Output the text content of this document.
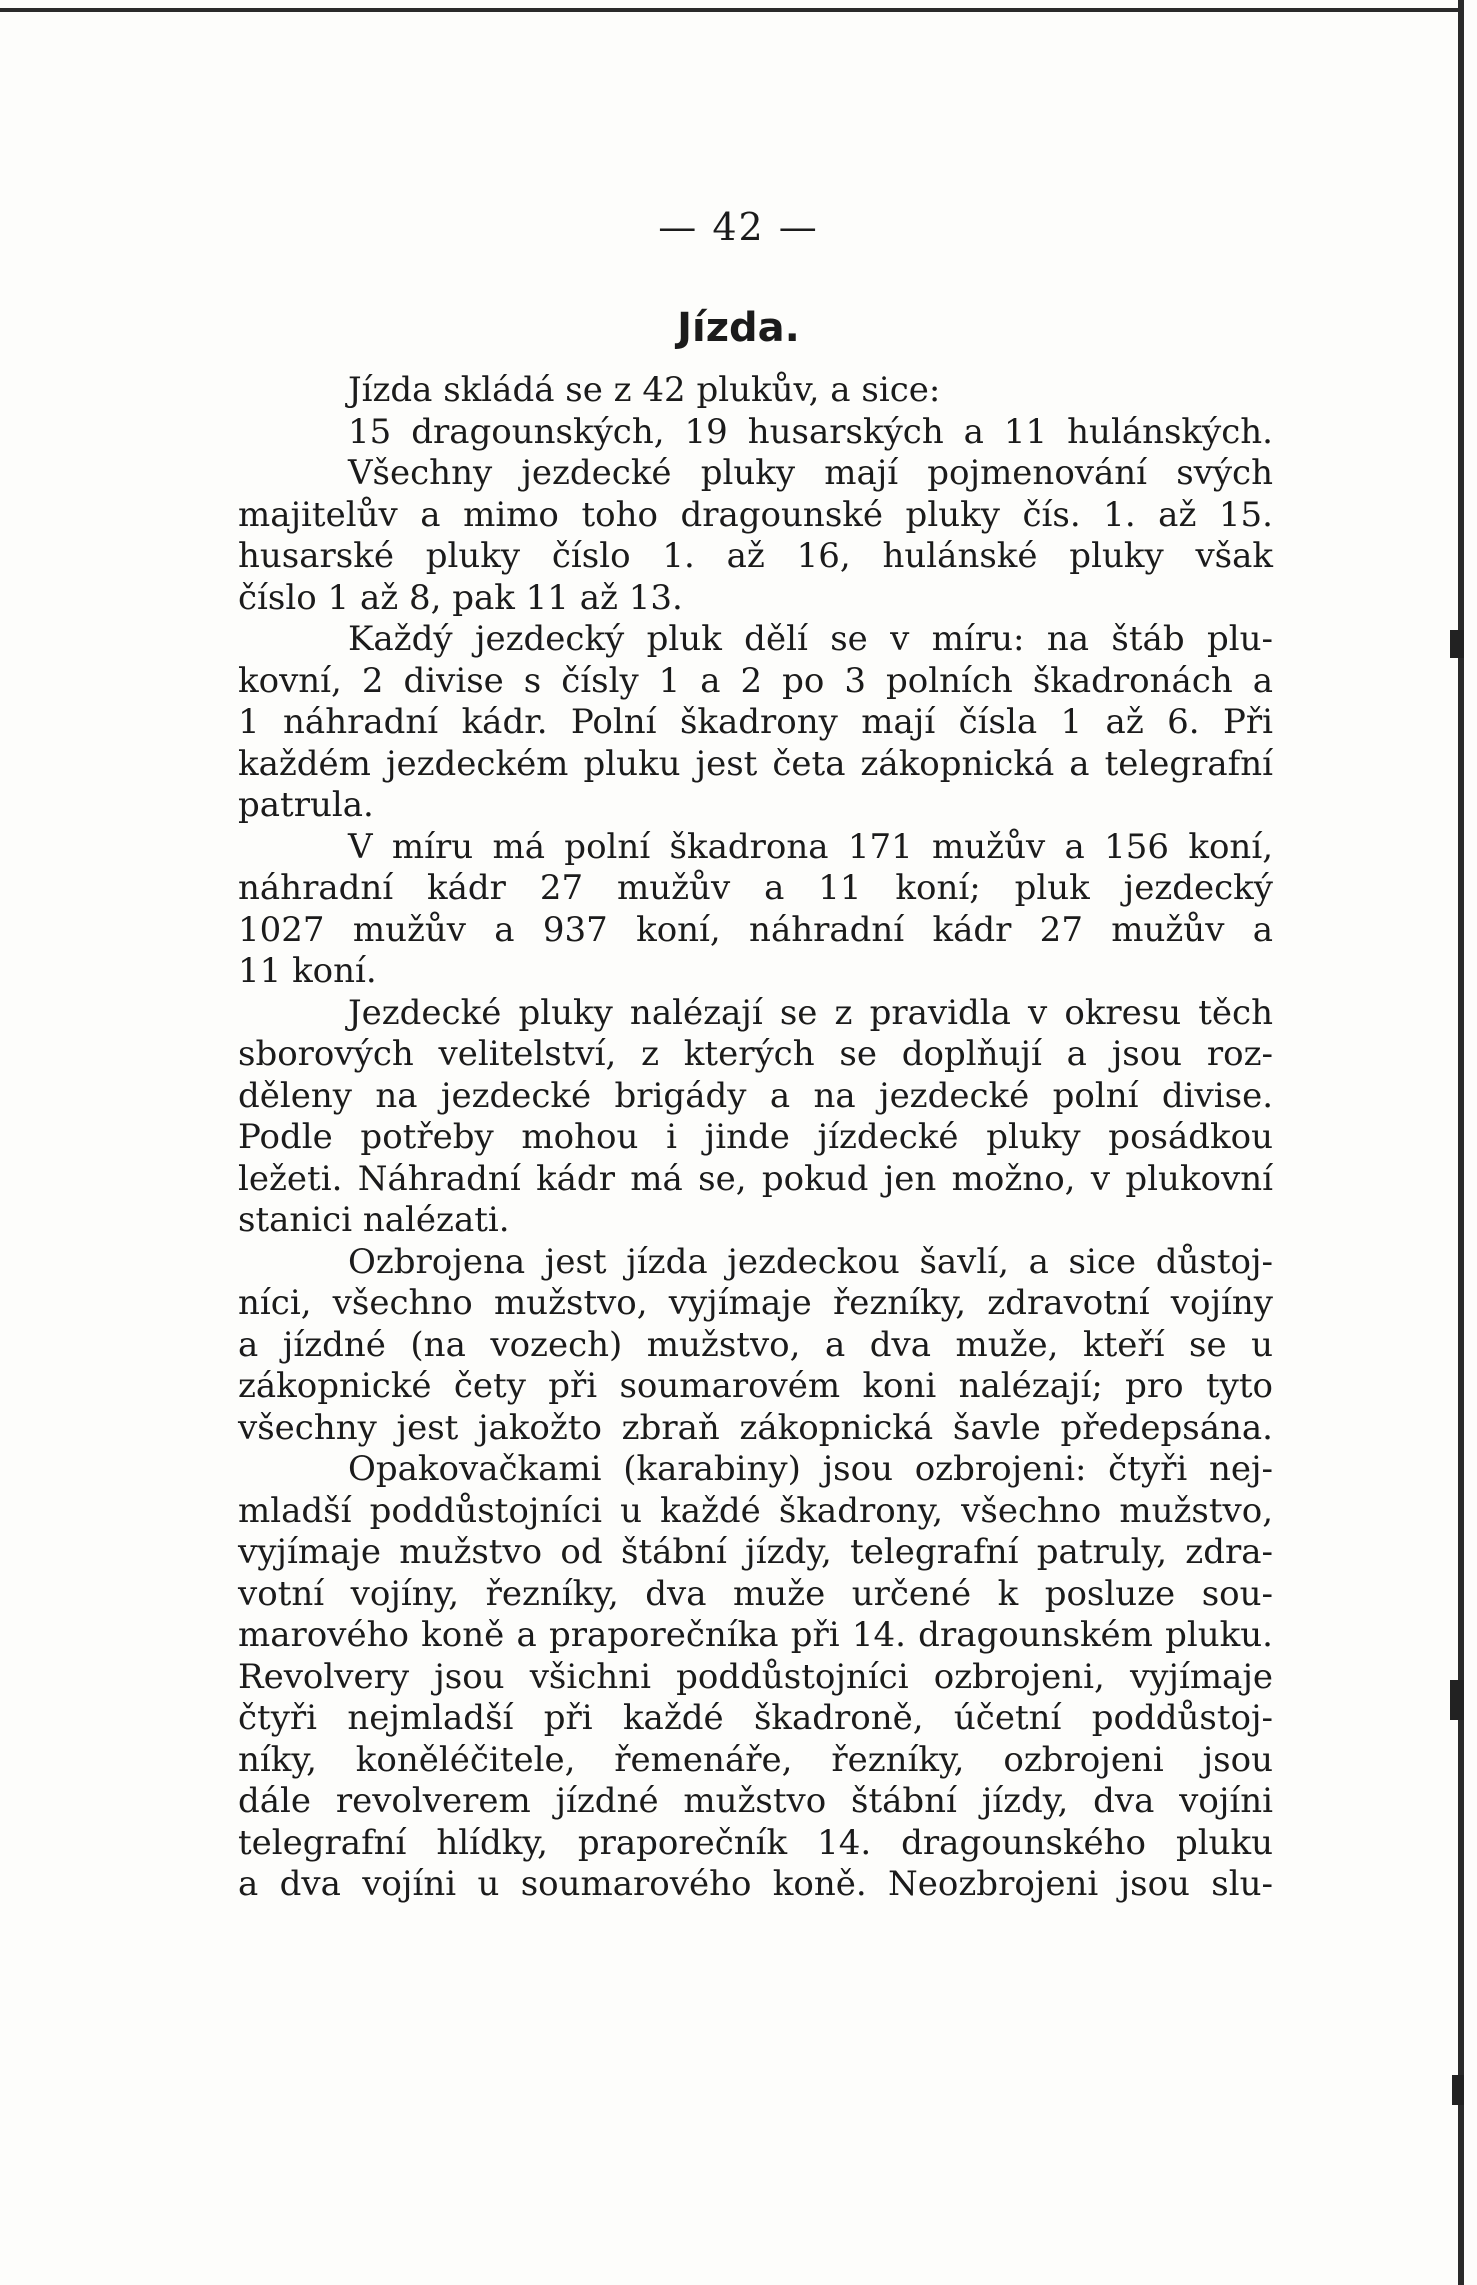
— 42 —
Jízda.
Jízda skládá se z 42 plukův, a sice:
15 dragounských, 19 husarských a 11 hulánských.
Všechny jezdecké pluky mají pojmenování svých
majitelův a mimo toho dragounské pluky čís. 1. až 15.
husarské pluky číslo 1. až 16, hulánské pluky však
číslo 1 až 8, pak 11 až 13.
Každý jezdecký pluk dělí se v míru: na štáb plu-
kovní, 2 divise s čísly 1 a 2 po 3 polních škadronách a
1 náhradní kádr. Polní škadrony mají čísla 1 až 6. Při
každém jezdeckém pluku jest četa zákopnická a telegrafní
patrula.
V míru má polní škadrona 171 mužův a 156 koní,
náhradní kádr 27 mužův a 11 koní; pluk jezdecký
1027 mužův a 937 koní, náhradní kádr 27 mužův a
11 koní.
Jezdecké pluky nalézají se z pravidla v okresu těch
sborových velitelství, z kterých se doplňují a jsou roz-
děleny na jezdecké brigády a na jezdecké polní divise.
Podle potřeby mohou i jinde jízdecké pluky posádkou
ležeti. Náhradní kádr má se, pokud jen možno, v plukovní
stanici nalézati.
Ozbrojena jest jízda jezdeckou šavlí, a sice důstoj-
níci, všechno mužstvo, vyjímaje řezníky, zdravotní vojíny
a jízdné (na vozech) mužstvo, a dva muže, kteří se u
zákopnické čety při soumarovém koni nalézají; pro tyto
všechny jest jakožto zbraň zákopnická šavle předepsána.
Opakovačkami (karabiny) jsou ozbrojeni: čtyři nej-
mladší poddůstojníci u každé škadrony, všechno mužstvo,
vyjímaje mužstvo od štábní jízdy, telegrafní patruly, zdra-
votní vojíny, řezníky, dva muže určené k posluze sou-
marového koně a praporečníka při 14. dragounském pluku.
Revolvery jsou všichni poddůstojníci ozbrojeni, vyjímaje
čtyři nejmladší při každé škadroně, účetní poddůstoj-
níky, koněléčitele, řemenáře, řezníky, ozbrojeni jsou
dále revolverem jízdné mužstvo štábní jízdy, dva vojíni
telegrafní hlídky, praporečník 14. dragounského pluku
a dva vojíni u soumarového koně. Neozbrojeni jsou slu-
